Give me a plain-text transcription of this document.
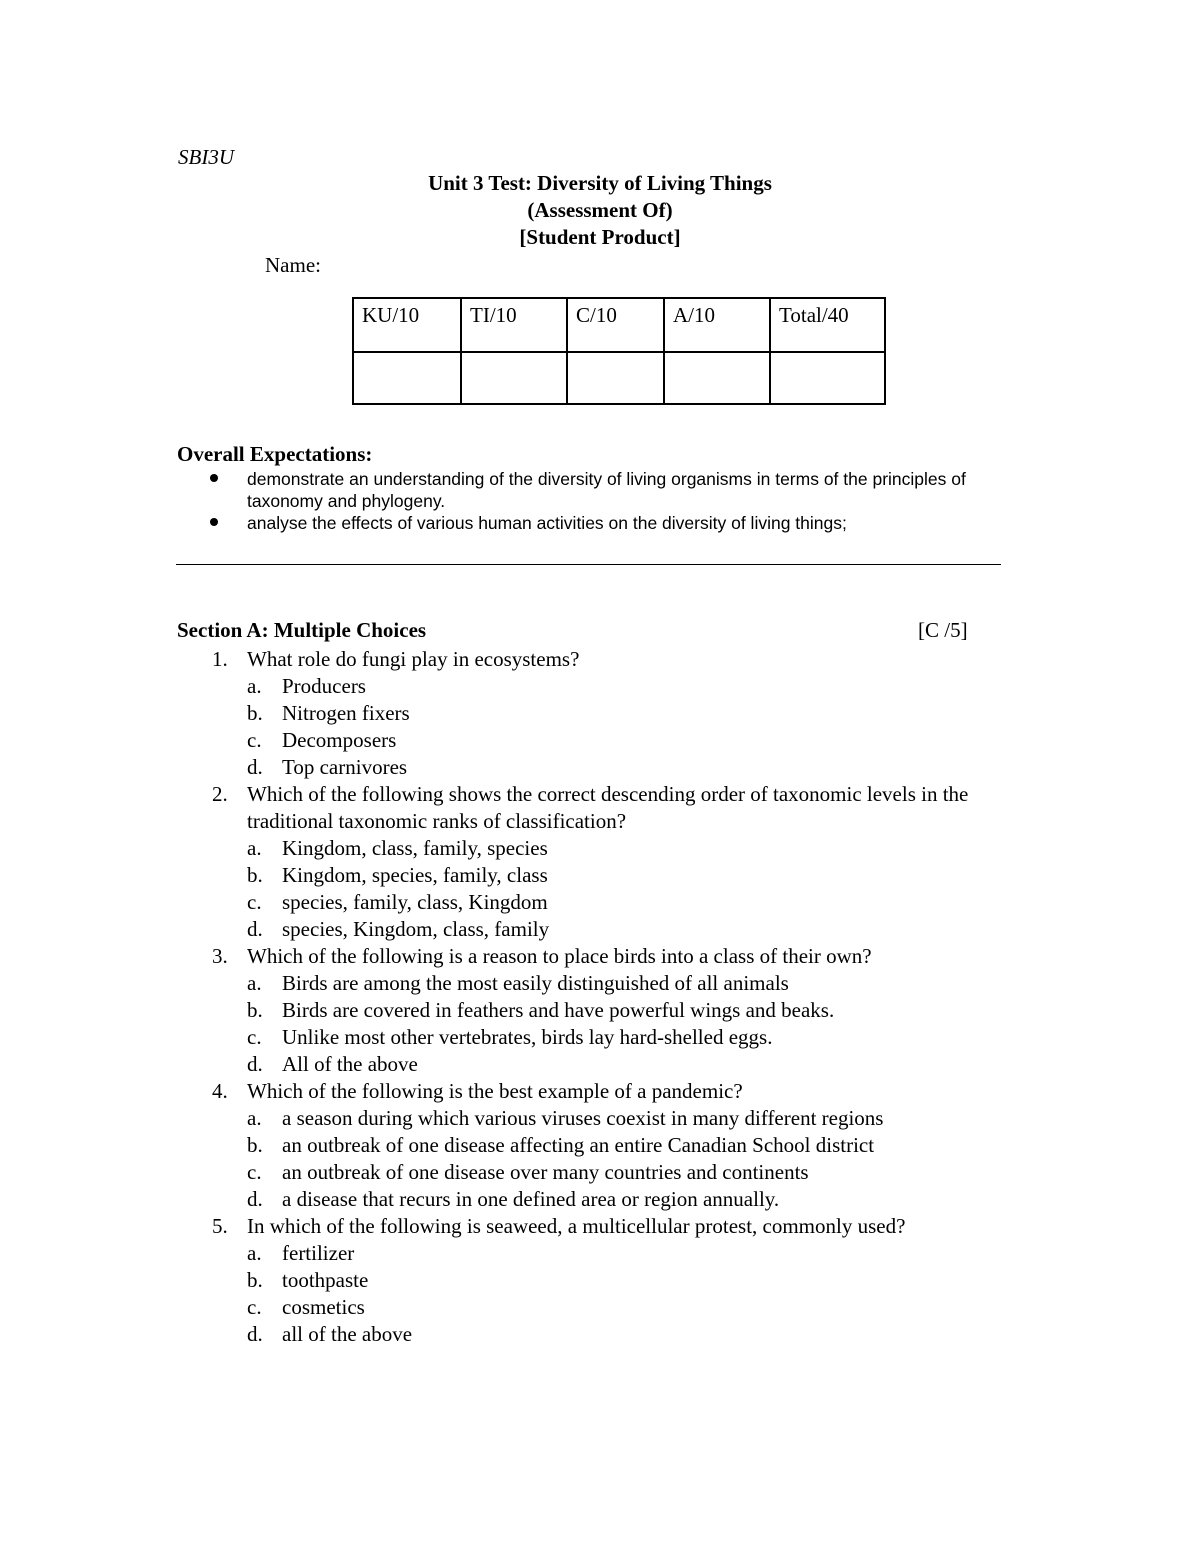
SBI3U
Unit 3 Test: Diversity of Living Things
(Assessment Of)
[Student Product]
Name:
KU/10	TI/10	C/10	A/10	Total/40

Overall Expectations:
demonstrate an understanding of the diversity of living organisms in terms of the principles of taxonomy and phylogeny.
analyse the effects of various human activities on the diversity of living things;
Section A: Multiple Choices	[C /5]
1. What role do fungi play in ecosystems?
a. Producers
b. Nitrogen fixers
c. Decomposers
d. Top carnivores
2. Which of the following shows the correct descending order of taxonomic levels in the traditional taxonomic ranks of classification?
a. Kingdom, class, family, species
b. Kingdom, species, family, class
c. species, family, class, Kingdom
d. species, Kingdom, class, family
3. Which of the following is a reason to place birds into a class of their own?
a. Birds are among the most easily distinguished of all animals
b. Birds are covered in feathers and have powerful wings and beaks.
c. Unlike most other vertebrates, birds lay hard-shelled eggs.
d. All of the above
4. Which of the following is the best example of a pandemic?
a. a season during which various viruses coexist in many different regions
b. an outbreak of one disease affecting an entire Canadian School district
c. an outbreak of one disease over many countries and continents
d. a disease that recurs in one defined area or region annually.
5. In which of the following is seaweed, a multicellular protest, commonly used?
a. fertilizer
b. toothpaste
c. cosmetics
d. all of the above
